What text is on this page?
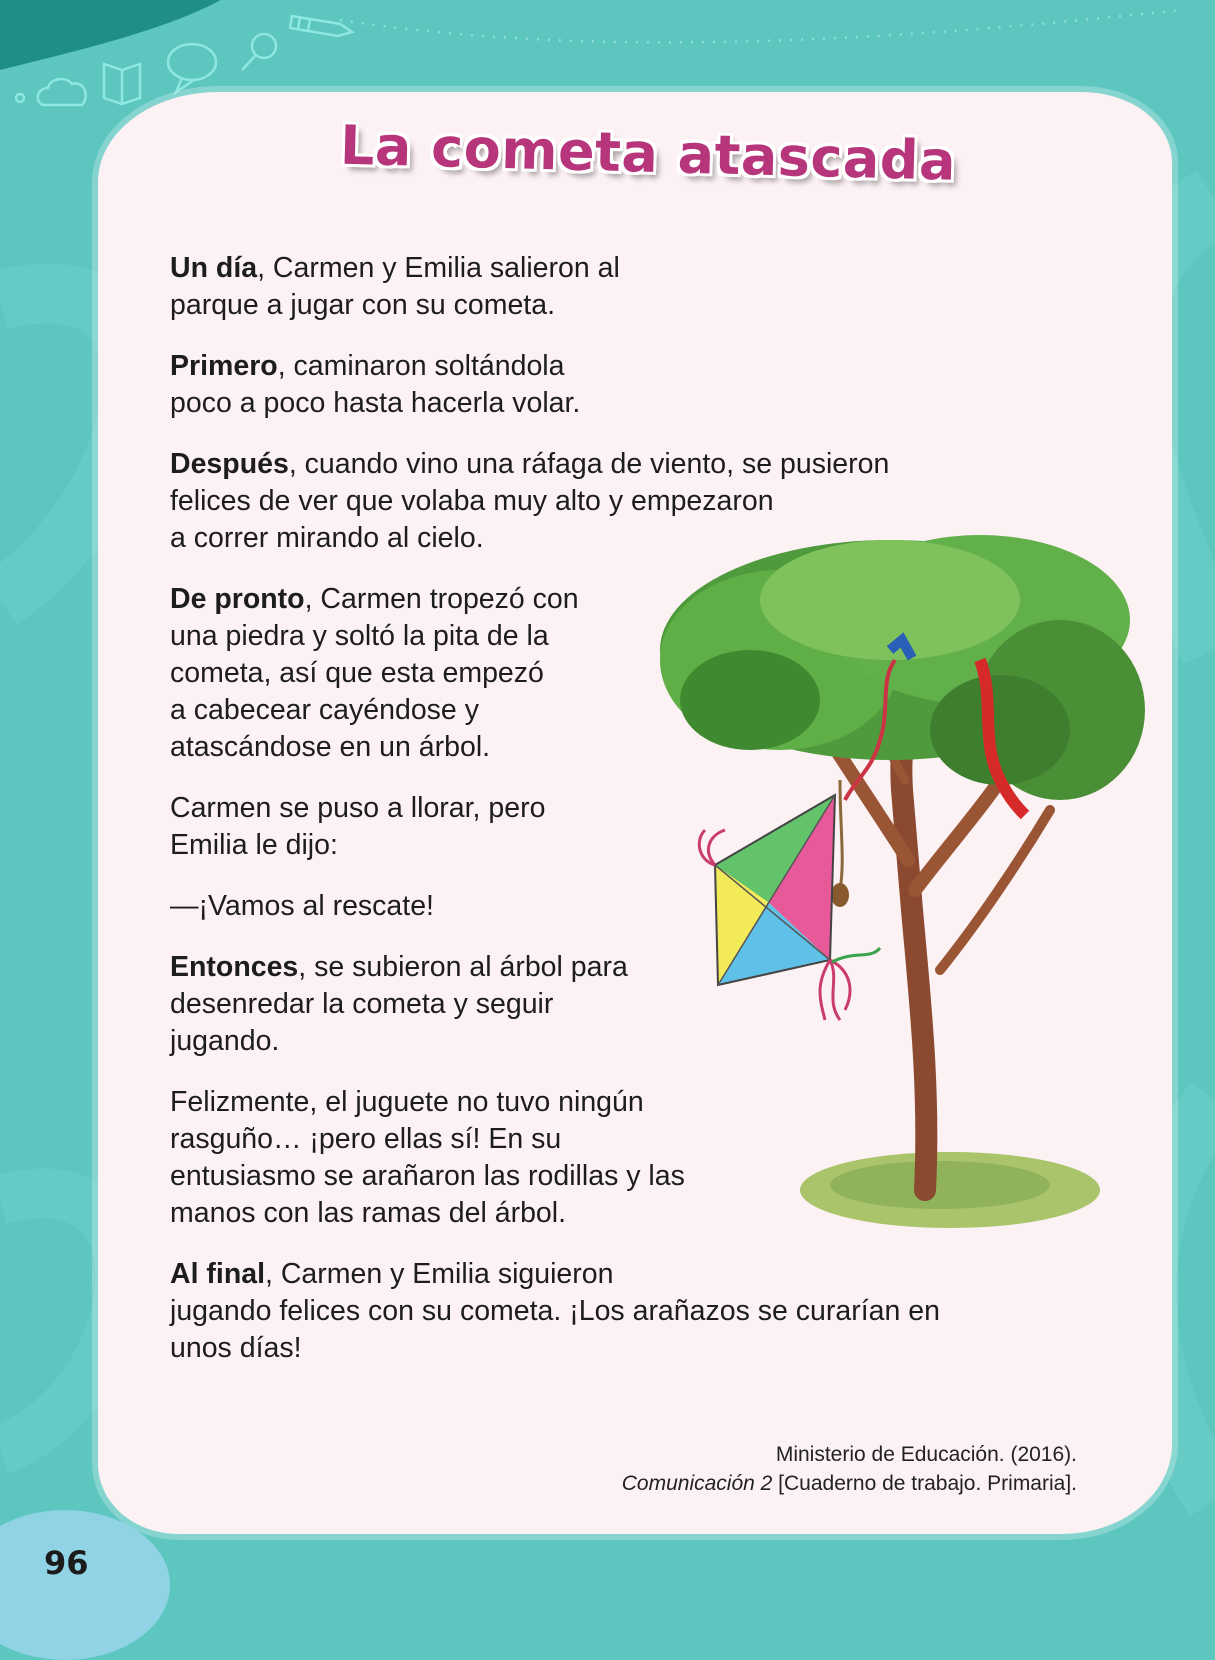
La cometa atascada

Un día, Carmen y Emilia salieron al
parque a jugar con su cometa.

Primero, caminaron soltándola
poco a poco hasta hacerla volar.

Después, cuando vino una ráfaga de viento, se pusieron
felices de ver que volaba muy alto y empezaron
a correr mirando al cielo.

De pronto, Carmen tropezó con
una piedra y soltó la pita de la
cometa, así que esta empezó
a cabecear cayéndose y
atascándose en un árbol.

Carmen se puso a llorar, pero
Emilia le dijo:

—¡Vamos al rescate!

Entonces, se subieron al árbol para
desenredar la cometa y seguir
jugando.

Felizmente, el juguete no tuvo ningún
rasguño… ¡pero ellas sí! En su
entusiasmo se arañaron las rodillas y las
manos con las ramas del árbol.

Al final, Carmen y Emilia siguieron
jugando felices con su cometa. ¡Los arañazos se curarían en
unos días!

Ministerio de Educación. (2016).
Comunicación 2 [Cuaderno de trabajo. Primaria].
96
